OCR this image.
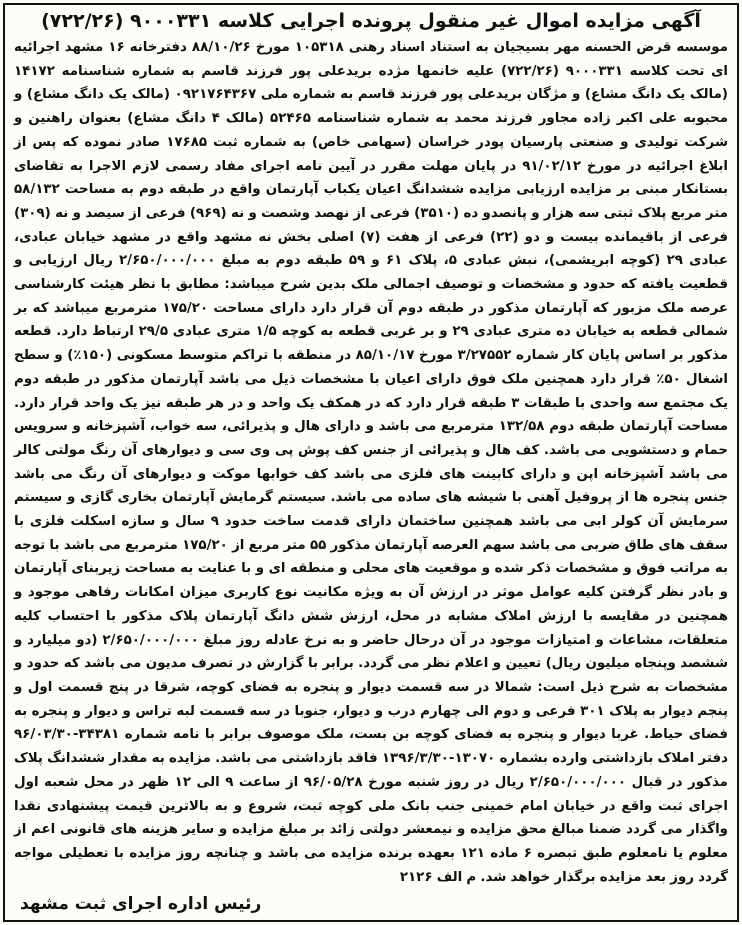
آگهی مزایده اموال غیر منقول پرونده اجرایی کلاسه ۹۰۰۰۳۳۱ (۷۲۲/۲۶)

موسسه قرض الحسنه مهر بسیجیان به استناد اسناد رهنی ۱۰۵۳۱۸ مورخ ۸۸/۱۰/۲۶ دفترخانه ۱۶ مشهد اجرائیه ای تحت کلاسه ۹۰۰۰۳۳۱ (۷۲۲/۲۶) علیه خانمها مژده بریدعلی پور فرزند قاسم به شماره شناسنامه ۱۴۱۷۲ (مالک یک دانگ مشاع) و مژگان بریدعلی پور فرزند قاسم به شماره ملی ۰۹۲۱۷۶۴۳۶۷ (مالک یک دانگ مشاع) و محبوبه علی اکبر زاده مجاور فرزند محمد به شماره شناسنامه ۵۲۴۶۵ (مالک ۴ دانگ مشاع) بعنوان راهنین و شرکت تولیدی و صنعتی پارسیان پودر خراسان (سهامی خاص) به شماره ثبت ۱۷۶۸۵ صادر نموده که پس از ابلاغ اجرائیه در مورخ ۹۱/۰۲/۱۲ در پایان مهلت مقرر در آیین نامه اجرای مفاد رسمی لازم الاجرا به تقاضای بستانکار مبنی بر مزایده ارزیابی مزایده ششدانگ اعیان یکباب آپارتمان واقع در طبقه دوم به مساحت ۵۸/۱۳۲ متر مربع پلاک ثبتی سه هزار و پانصدو ده (۳۵۱۰) فرعی از نهصد وشصت و نه (۹۶۹) فرعی از سیصد و نه (۳۰۹) فرعی از باقیمانده بیست و دو (۲۲) فرعی از هفت (۷) اصلی بخش نه مشهد واقع در مشهد خیابان عبادی، عبادی ۲۹ (کوچه ابریشمی)، نبش عبادی ۵، پلاک ۶۱ و ۵۹ طبقه دوم به مبلغ ۲/۶۵۰/۰۰۰/۰۰۰ ریال ارزیابی و قطعیت یافته که حدود و مشخصات و توصیف اجمالی ملک بدین شرح میباشد: مطابق با نظر هیئت کارشناسی عرصه ملک مزبور که آپارتمان مذکور در طبقه دوم آن قرار دارد دارای مساحت ۱۷۵/۲۰ مترمربع میباشد که بر شمالی قطعه به خیابان ده متری عبادی ۲۹ و بر غربی قطعه به کوچه ۱/۵ متری عبادی ۲۹/۵ ارتباط دارد. قطعه مذکور بر اساس پایان کار شماره ۳/۲۷۵۵۲ مورخ ۸۵/۱۰/۱۷ در منطقه با تراکم متوسط مسکونی (۱۵۰٪) و سطح اشغال ۵۰٪ قرار دارد همچنین ملک فوق دارای اعیان با مشخصات ذیل می باشد آپارتمان مذکور در طبقه دوم یک مجتمع سه واحدی با طبقات ۳ طبقه قرار دارد که در همکف یک واحد و در هر طبقه نیز یک واحد قرار دارد. مساحت آپارتمان طبقه دوم ۱۳۲/۵۸ مترمربع می باشد و دارای هال و پذیرائی، سه خواب، آشپزخانه و سرویس حمام و دستشویی می باشد. کف هال و پذیرائی از جنس کف پوش پی وی سی و دیوارهای آن رنگ مولتی کالر می باشد آشپزخانه اپن و دارای کابینت های فلزی می باشد کف خوابها موکت و دیوارهای آن رنگ می باشد جنس پنجره ها از پروفیل آهنی با شیشه های ساده می باشد. سیستم گرمایش آپارتمان بخاری گازی و سیستم سرمایش آن کولر ابی می باشد همچنین ساختمان دارای قدمت ساخت حدود ۹ سال و سازه اسکلت فلزی با سقف های طاق ضربی می باشد سهم العرصه آپارتمان مذکور ۵۵ متر مربع از ۱۷۵/۲۰ مترمربع می باشد با توجه به مراتب فوق و مشخصات ذکر شده و موقعیت های محلی و منطقه ای و با عنایت به مساحت زیربنای آپارتمان و بادر نظر گرفتن کلیه عوامل موثر در ارزش آن به ویژه مکانیت نوع کاربری میزان امکانات رفاهی موجود و همچنین در مقایسه با ارزش املاک مشابه در محل، ارزش شش دانگ آپارتمان پلاک مذکور با احتساب کلیه متعلقات، مشاعات و امتیازات موجود در آن درحال حاضر و به نرخ عادله روز مبلغ ۲/۶۵۰/۰۰۰/۰۰۰ (دو میلیارد و ششصد وپنجاه میلیون ریال) تعیین و اعلام نظر می گردد. برابر با گزارش در تصرف مدیون می باشد که حدود و مشخصات به شرح ذیل است: شمالا در سه قسمت دیوار و پنجره به فضای کوچه، شرقا در پنج قسمت اول و پنجم دیوار به پلاک ۳۰۱ فرعی و دوم الی چهارم درب و دیوار، جنوبا در سه قسمت لبه تراس و دیوار و پنجره به فضای حیاط. غربا دیوار و پنجره به فضای کوچه بن بست، ملک موصوف برابر با نامه شماره ۳۴۳۸۱-۹۶/۰۳/۳۰ دفتر املاک بازداشتی وارده بشماره ۱۳۰۷۰-۱۳۹۶/۳/۳۰ فاقد بازداشتی می باشد. مزایده به مقدار ششدانگ پلاک مذکور در قبال ۲/۶۵۰/۰۰۰/۰۰۰ ریال در روز شنبه مورخ ۹۶/۰۵/۲۸ از ساعت ۹ الی ۱۲ ظهر در محل شعبه اول اجرای ثبت واقع در خیابان امام خمینی جنب بانک ملی کوچه ثبت، شروع و به بالاترین قیمت پیشنهادی نقدا واگذار می گردد ضمنا مبالغ محق مزایده و نیمعشر دولتی زائد بر مبلغ مزایده و سایر هزینه های قانونی اعم از معلوم یا نامعلوم طبق تبصره ۶ ماده ۱۲۱ بعهده برنده مزایده می باشد و چنانچه روز مزایده با تعطیلی مواجه گردد روز بعد مزایده برگذار خواهد شد. م الف ۲۱۲۶

رئیس اداره اجرای ثبت مشهد
